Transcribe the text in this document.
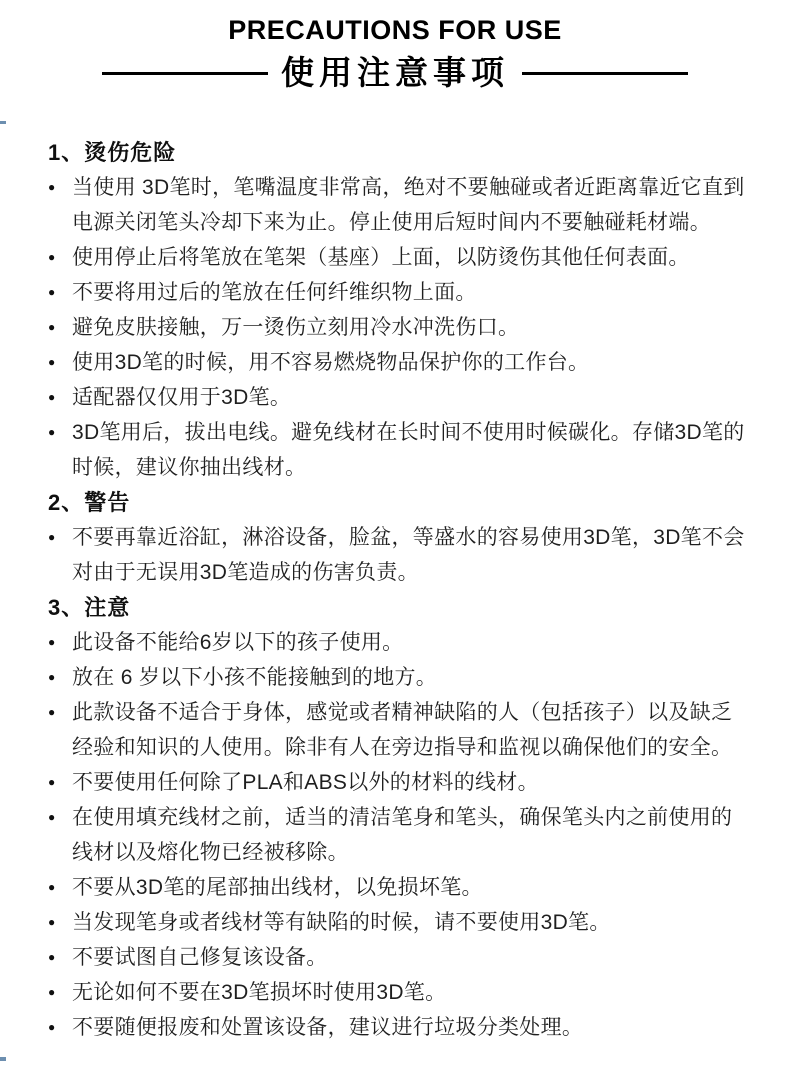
PRECAUTIONS FOR USE
使用注意事项
1、烫伤危险
● 当使用 3D笔时，笔嘴温度非常高，绝对不要触碰或者近距离靠近它直到电源关闭笔头冷却下来为止。停止使用后短时间内不要触碰耗材端。
● 使用停止后将笔放在笔架（基座）上面，以防烫伤其他任何表面。
● 不要将用过后的笔放在任何纤维织物上面。
● 避免皮肤接触，万一烫伤立刻用冷水冲洗伤口。
● 使用3D笔的时候，用不容易燃烧物品保护你的工作台。
● 适配器仅仅用于3D笔。
● 3D笔用后，拔出电线。避免线材在长时间不使用时候碳化。存储3D笔的时候，建议你抽出线材。
2、警告
● 不要再靠近浴缸，淋浴设备，脸盆，等盛水的容易使用3D笔，3D笔不会对由于无误用3D笔造成的伤害负责。
3、注意
● 此设备不能给6岁以下的孩子使用。
● 放在 6 岁以下小孩不能接触到的地方。
● 此款设备不适合于身体，感觉或者精神缺陷的人（包括孩子）以及缺乏经验和知识的人使用。除非有人在旁边指导和监视以确保他们的安全。
● 不要使用任何除了PLA和ABS以外的材料的线材。
● 在使用填充线材之前，适当的清洁笔身和笔头，确保笔头内之前使用的线材以及熔化物已经被移除。
● 不要从3D笔的尾部抽出线材，以免损坏笔。
● 当发现笔身或者线材等有缺陷的时候，请不要使用3D笔。
● 不要试图自己修复该设备。
● 无论如何不要在3D笔损坏时使用3D笔。
● 不要随便报废和处置该设备，建议进行垃圾分类处理。
